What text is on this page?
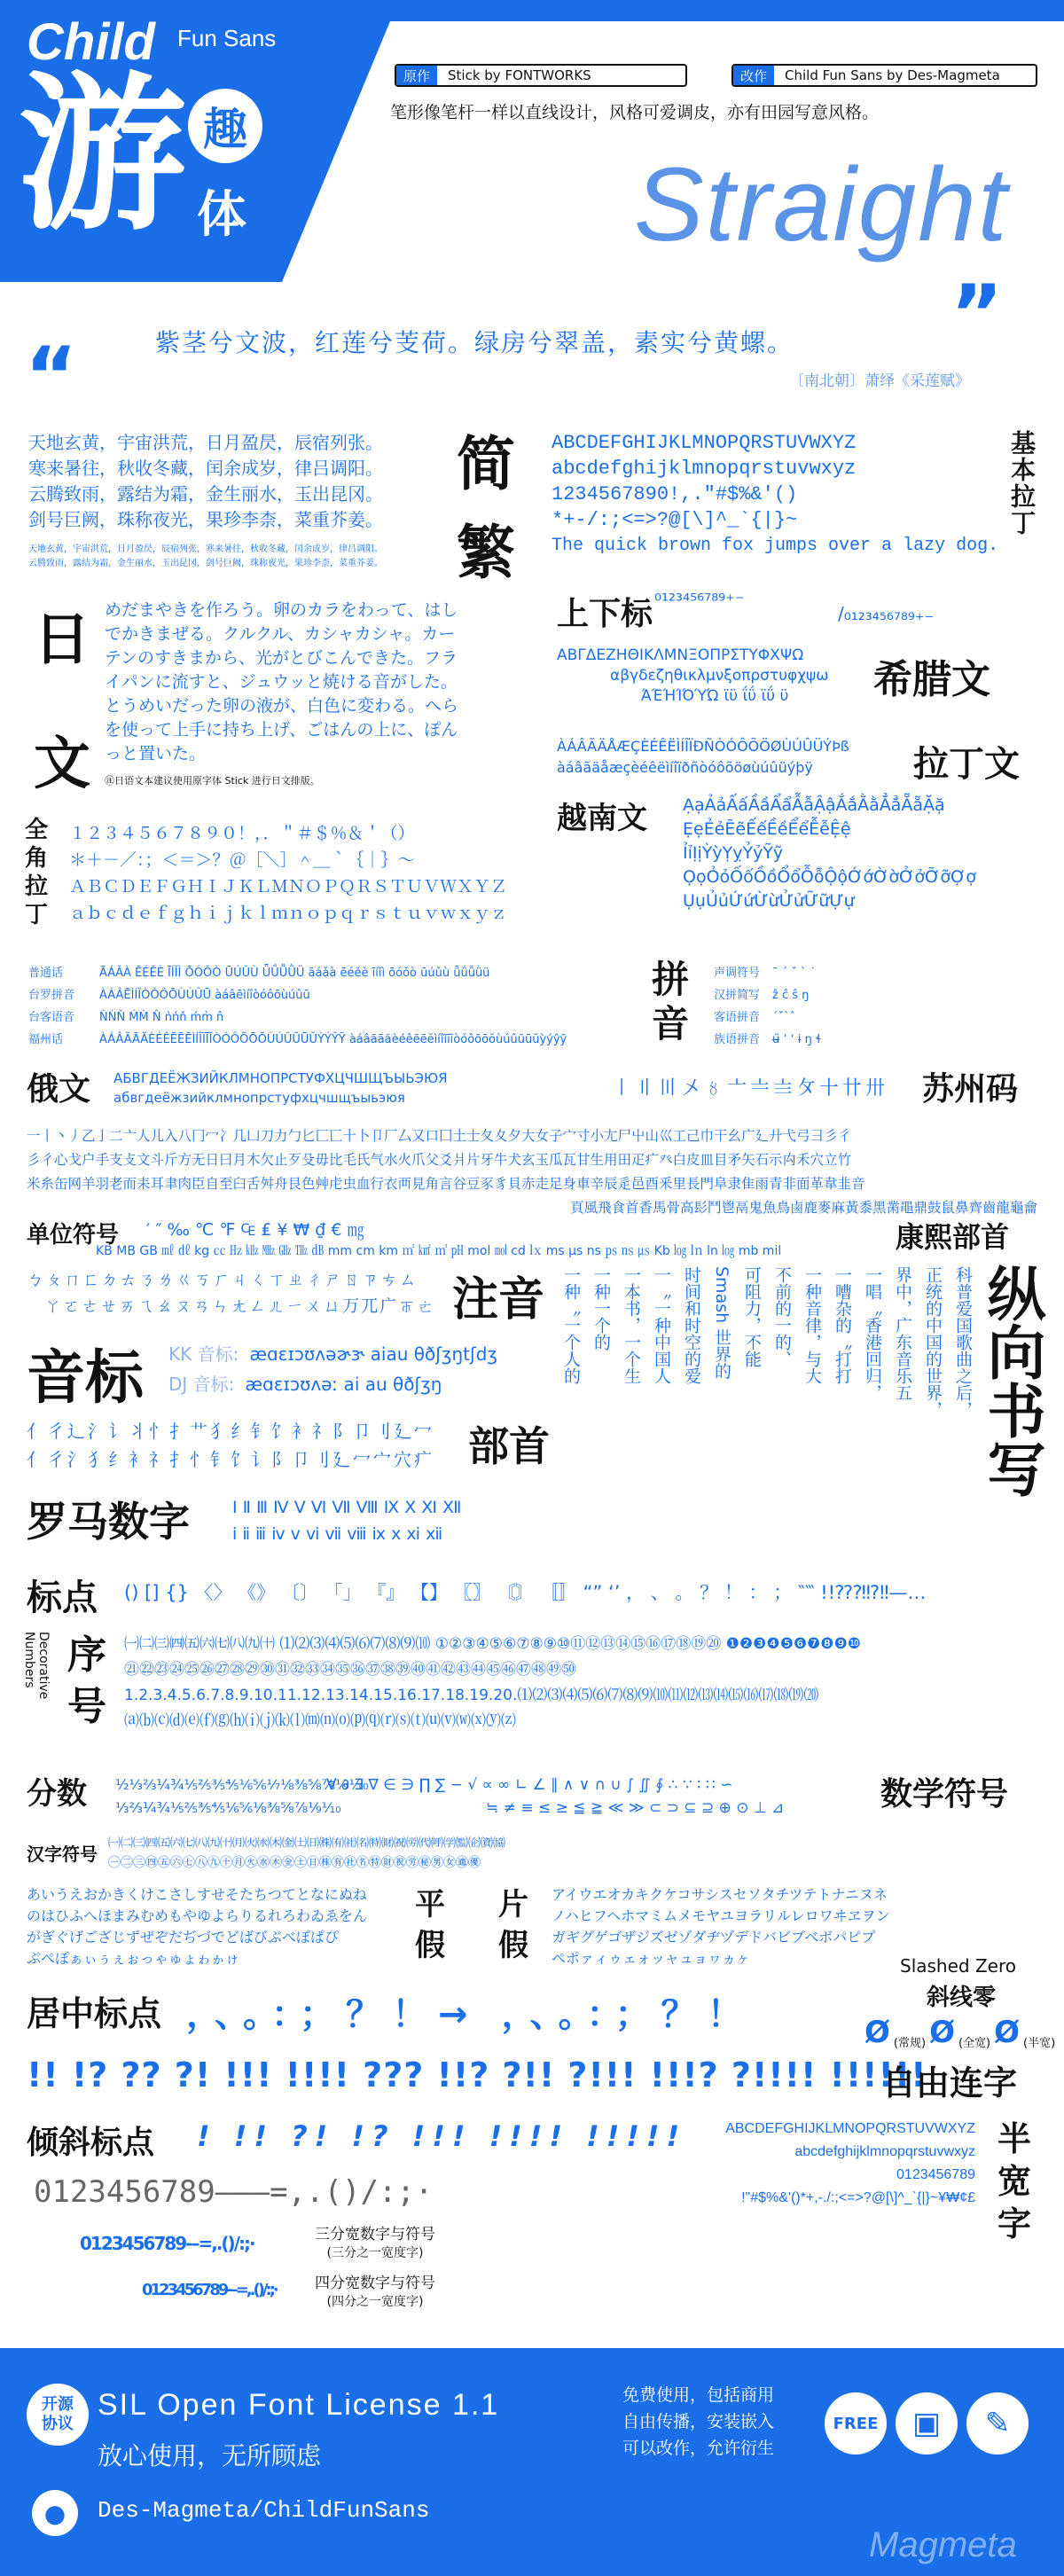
Child Fun Sans
游 趣
体
原作	Stick by FONTWORKS	改作	Child Fun Sans by Des-Magmeta
笔形像笔杆一样以直线设计，风格可爱调皮，亦有田园写意风格。
Straight
“
”
紫茎兮文波，红莲兮芰荷。绿房兮翠盖，素实兮黄螺。
〔南北朝〕萧绎《采莲赋》
天地玄黄，宇宙洪荒，日月盈昃，辰宿列张。
寒来暑往，秋收冬藏，闰余成岁，律吕调阳。
云腾致雨，露结为霜，金生丽水，玉出昆冈。
剑号巨阙，珠称夜光，果珍李柰，菜重芥姜。
天地玄黄，宇宙洪荒，日月盈昃，辰宿列张，寒来暑往，秋收冬藏，闰余成岁，律吕调阳。
云腾致雨，露结为霜，金生丽水，玉出昆冈，剑号巨阙，珠称夜光，果珍李柰，菜重芥姜。
简
繁
ABCDEFGHIJKLMNOPQRSTUVWXYZ
abcdefghijklmnopqrstuvwxyz
1234567890!,."#$%&'()
*+-/:;<=>?@[\]^_`{|}~
The quick brown fox jumps over a lazy dog.
基本拉丁
日
文
めだまやきを作ろう。卵のカラをわって、はし
でかきまぜる。クルクル、カシャカシャ。カー
テンのすきまから、光がとびこんできた。フラ
イパンに流すと、ジュウッと焼ける音がした。
とうめいだった卵の液が、白色に変わる。へら
を使って上手に持ち上げ、ごはんの上に、ぽん
っと置いた。
㊟日语文本建议使用原字体 Stick 进行日文排版。
上下标 ⁰¹²³⁴⁵⁶⁷⁸⁹⁺⁻
/₀₁₂₃₄₅₆₇₈₉₊₋
ΑΒΓΔΕΖΗΘΙΚΛΜΝΞΟΠΡΣΤΥΦΧΨΩ
αβγδεζηθικλμνξοπρστυφχψω
ΆΈΉΊΌΎΏ ϊϋ ΐΰ ϊΰ ϋ	希腊文
ÀÁÂÃÄÅÆÇÈÉÊËÌÍÎÏÐÑÒÓÔÕÖØÙÚÛÜÝÞß
àáâãäåæçèéêëìíîïðñòóôõöøùúûüýþÿ	拉丁文
越南文 ẠạẢảẤấẦầẨẩẪẫẬậẮắẰằẲẳẴẵẶặ
ẸẹẺẻẼẽẾếỀềỂểỄễỆệ
ỈỉỊịỲỳỴỵỶỷỸỹ
ỌọỎỏỐốỒồỔổỖỗỘộỚớỜờỞởỠỡỢợ
ỤụỦủỨứỪừỬửỮữỰự
全角拉丁
１２３４５６７８９０！，．＂＃＄％＆＇（）
＊＋－／：；＜＝＞？＠［＼］＾＿｀｛｜｝～
ＡＢＣＤＥＦＧＨＩＪＫＬＭＮＯＰＱＲＳＴＵＶＷＸＹＺ
ａｂｃｄｅｆｇｈｉｊｋｌｍｎｏｐｑｒｓｔｕｖｗｘｙｚ
普通话	ĀÁǍÀ ĒÉĚÈ ĪÍǏÌ ŌÓǑÒ ŪÚǓÙ ǕǗǙǛÜ āáǎà ēéěè īíǐì ōóǒò ūúǔù ǖǘǚǜü
台罗拼音	ÀÁÂĒÌÍÎÒÓÔŌÙÚÛŪ àáâēìíîòóôōùúûū
台客语音	ǸŃŇ ḾM̀ N̂ ǹńň ḿm̀ n̂
福州话	ÀÁÂÃĀĂÈÉÊẼĒĔÌÍÎĨĪĬÒÓÔÕŌŎÙÚÛŨŪŬỲÝŶỸ àáâãāăèéêẽēĕìíîĩīĭòóôõōŏùúûũūŭỳýŷỹ
拼音
声调符号 ˉ ˊ ˇ ˋ ˙
汉拼简写 ẑ ĉ ŝ ŋ
客语拼音 ˊˇˋˆ
族语拼音 ʉ̈ ʼ ʻ ɨ ŋ ɬ
俄文 АБВГДЕЁЖЗИЙКЛМНОПРСТУФХЦЧШЩЪЫЬЭЮЯ
абвгдеёжзийклмнопрстуфхцчшщъыьэюя	〡〢〣〤〥〦〧〨〩〸〹〺 苏州码
一丨丶丿乙亅二亠人儿入八冂冖冫几凵刀力勹匕匚匸十卜卩厂厶又口囗土士夂夊夕大女子宀寸小尢尸屮山巛工己巾干幺广廴廾弋弓彐彡彳
彡彳心戈户手支攴文斗斤方无日曰月木欠止歹殳毋比毛氏气水火爪父爻爿片牙牛犬玄玉瓜瓦甘生用田疋疒癶白皮皿目矛矢石示禸禾穴立竹
米糸缶网羊羽老而耒耳聿肉臣自至臼舌舛舟艮色艸虍虫血行衣襾見角言谷豆豕豸貝赤走足身車辛辰辵邑酉釆里長門阜隶隹雨青非面革韋韭音
頁風飛食首香馬骨高髟鬥鬯鬲鬼魚鳥鹵鹿麥麻黃黍黑黹黽鼎鼓鼠鼻齊齒龍龜龠
单位符号 ′ ″ ‰ ℃ ℉ ₠ ₤ ¥ ₩ ₫ € ㎎
KB MB GB ㎖ ㎗ kg ㏄ ㎐ ㎑ ㎒ ㎓ ㎔ ㏈ mm cm km ㎡ ㎢ ㎥ ㏗ mol ㏖ cd ㏓ ms μs ns ㎰ ㎱ ㎲ Kb ㏒ ㏑ ln ㏒ mb mil	康熙部首
ㄅㄆㄇㄈㄉㄊㄋㄌㄍㄎㄏㄐㄑㄒㄓㄔㄕㄖㄗㄘㄙ
ㄚㄛㄜㄝㄞㄟㄠㄡㄢㄣㄤㄥㄦㄧㄨㄩㄪㄫㄬㄭㄮ 注音
音标 KK 音标: æɑɛɪɔʊʌəɚɝ aiau θðʃʒŋtʃdʒ
DJ 音标: æɑɛɪɔʊʌəː ai au θðʃʒŋ
亻彳辶氵讠丬忄扌艹犭纟钅饣衤礻阝卩刂廴冖
亻彳氵犭纟衤礻扌忄钅饣讠阝卩刂廴冖宀穴疒 部首
罗马数字	Ⅰ Ⅱ Ⅲ Ⅳ Ⅴ Ⅵ Ⅶ Ⅷ Ⅸ Ⅹ Ⅺ Ⅻ
ⅰ ⅱ ⅲ ⅳ ⅴ ⅵ ⅶ ⅷ ⅸ ⅹ ⅺ ⅻ
科普爱国歌曲之后，
正统的中国的世界，
界中，广东音乐五
一唱〝香港回归，
一嘈杂的〝打打
一种音律，与大
不前的一的、
可阻力，不能
Smash 世界的
时间和时空的爱
一〝一种中国人
一本书，一个生
一种一个的
一种〝一个人的	纵向书写
标点 () [] {} 〈〉 《》 〔〕 「」 『』 【】 〖〗 〘〙 〚〛 “” ‘’ ， 、 。 ？ ！ ： ； ‶‷ !!⁇⁈⁉‼—…
Decorative Numbers 序号
㈠㈡㈢㈣㈤㈥㈦㈧㈨㈩ ⑴⑵⑶⑷⑸⑹⑺⑻⑼⑽ ①②③④⑤⑥⑦⑧⑨⑩⑪⑫⑬⑭⑮⑯⑰⑱⑲⑳ ❶❷❸❹❺❻❼❽❾❿
㉑㉒㉓㉔㉕㉖㉗㉘㉙㉚㉛㉜㉝㉞㉟㊱㊲㊳㊴㊵㊶㊷㊸㊹㊺㊻㊼㊽㊾㊿
1.2.3.4.5.6.7.8.9.10.11.12.13.14.15.16.17.18.19.20.⑴⑵⑶⑷⑸⑹⑺⑻⑼⑽⑾⑿⒀⒁⒂⒃⒄⒅⒆⒇
⒜⒝⒞⒟⒠⒡⒢⒣⒤⒥⒦⒧⒨⒩⒪⒫⒬⒭⒮⒯⒰⒱⒲⒳⒴⒵
分数 ½⅓⅔¼¾⅕⅖⅗⅘⅙⅚⅐⅛⅜⅝⅞⅑⅒
⅓⅔¼¾⅕⅖⅗⅘⅙⅚⅛⅜⅝⅞⅑⅒
∀ ∂ ∃ ∇ ∈ ∋ ∏ ∑ − √ ∝ ∞ ∟ ∠ ∥ ∧ ∨ ∩ ∪ ∫ ∬ ∮ ∴ ∵ ∶ ∷ ∽
≒ ≠ ≡ ≤ ≥ ≦ ≧ ≪ ≫ ⊂ ⊃ ⊆ ⊇ ⊕ ⊙ ⊥ ⊿	数学符号
汉字符号 ㈠㈡㈢㈣㈤㈥㈦㈧㈨㈩㈪㈫㈬㈭㈮㈯㈰㈱㈲㈳㈴㈵㈶㈷㈸㈹㈺㈻㈼㈽㈾㈿
㊀㊁㊂㊃㊄㊅㊆㊇㊈㊉㊊㊋㊌㊍㊎㊏㊐㊑㊒㊓㊔㊕㊖㊗㊘㊙㊚㊛㊜㊝
あいうえおかきくけこさしすせそたちつてとなにぬね
のはひふへほまみむめもやゆよらりるれろわゐゑをん
がぎぐげござじずぜぞだぢづでどばびぶべぼぱぴ
ぷぺぽぁぃぅぇぉっゃゅょゎゕゖ
平假
片假
アイウエオカキクケコサシスセソタチツテトナニヌネ
ノハヒフヘホマミムメモヤユヨラリルレロワヰヱヲン
ガギグゲゴザジズゼゾダヂヅデドバビブベボパピプ
ペポァィゥェォッャュョヮヵヶ
居中标点 ，、。：；？！→ ，、。：；？！
Slashed Zero
斜线零
Ø (常规) Ø (全宽) Ø (半宽)
!! !? ?? ?! !!! !!!! ??? !!? ?!! ?!!! !!!? ?!!!! !!!!!!
自由连字
倾斜标点 ! !! ?! !? !!! !!!! !!!!!	ABCDEFGHIJKLMNOPQRSTUVWXYZ
abcdefghijklmnopqrstuvwxyz
0123456789
!"#$%&'()*+,-./:;<=>?@[\]^_`{|}~¥₩¢£
半宽字
0123456789——–=,.()/:;·
0123456789-–=,.()/:;·	三分宽数字与符号
(三分之一宽度字)
0123456789-–=,.()/:;·	四分宽数字与符号
(四分之一宽度字)
开源
协议
SIL Open Font License 1.1
放心使用，无所顾虑
●	Des-Magmeta/ChildFunSans
免费使用，包括商用
自由传播，安装嵌入
可以改作，允许衍生
FREE	▣	✎
Magmeta
